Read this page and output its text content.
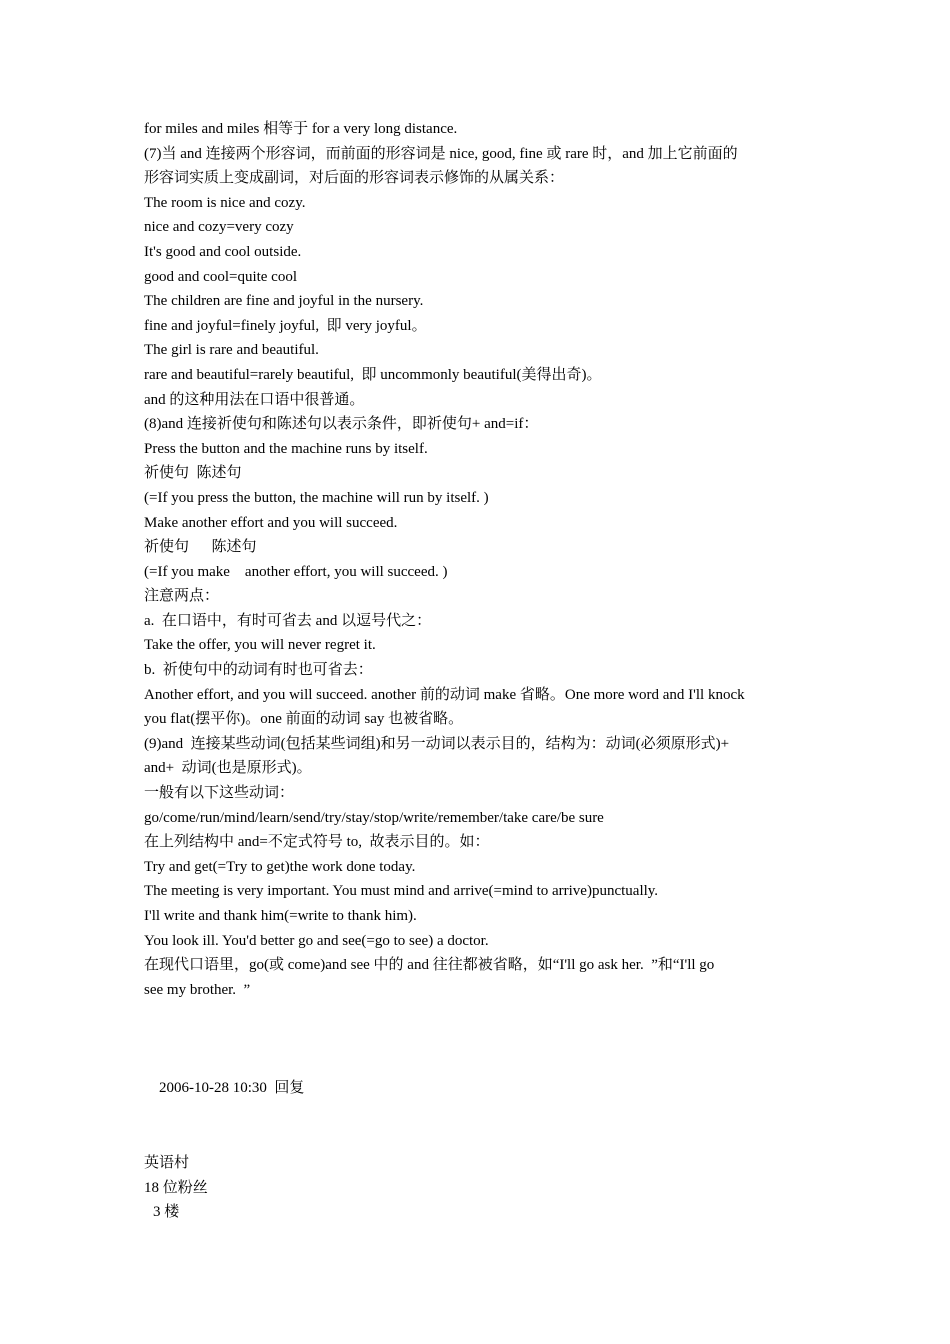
for miles and miles 相等于 for a very long distance.
(7)当 and 连接两个形容词，而前面的形容词是 nice, good, fine 或 rare 时，and 加上它前面的
形容词实质上变成副词，对后面的形容词表示修饰的从属关系：
The room is nice and cozy.
nice and cozy=very cozy
It's good and cool outside.
good and cool=quite cool
The children are fine and joyful in the nursery.
fine and joyful=finely joyful,  即 very joyful。
The girl is rare and beautiful.
rare and beautiful=rarely beautiful,  即 uncommonly beautiful(美得出奇)。
and 的这种用法在口语中很普通。
(8)and 连接祈使句和陈述句以表示条件，即祈使句+ and=if：
Press the button and the machine runs by itself.
祈使句  陈述句
(=If you press the button, the machine will run by itself. )
Make another effort and you will succeed.
祈使句      陈述句
(=If you make    another effort, you will succeed. )
注意两点：
a.  在口语中，有时可省去 and 以逗号代之：
Take the offer, you will never regret it.
b.  祈使句中的动词有时也可省去：
Another effort, and you will succeed. another 前的动词 make 省略。One more word and I'll knock
you flat(摆平你)。one 前面的动词 say 也被省略。
(9)and  连接某些动词(包括某些词组)和另一动词以表示目的，结构为：动词(必须原形式)+
and+  动词(也是原形式)。
一般有以下这些动词：
go/come/run/mind/learn/send/try/stay/stop/write/remember/take care/be sure
在上列结构中 and=不定式符号 to,  故表示目的。如：
Try and get(=Try to get)the work done today.
The meeting is very important. You must mind and arrive(=mind to arrive)punctually.
I'll write and thank him(=write to thank him).
You look ill. You'd better go and see(=go to see) a doctor.
在现代口语里，go(或 come)and see 中的 and 往往都被省略，如“I'll go ask her.  ”和“I'll go
see my brother.  ”

2006-10-28 10:30 回复

英语村
18 位粉丝
3 楼
